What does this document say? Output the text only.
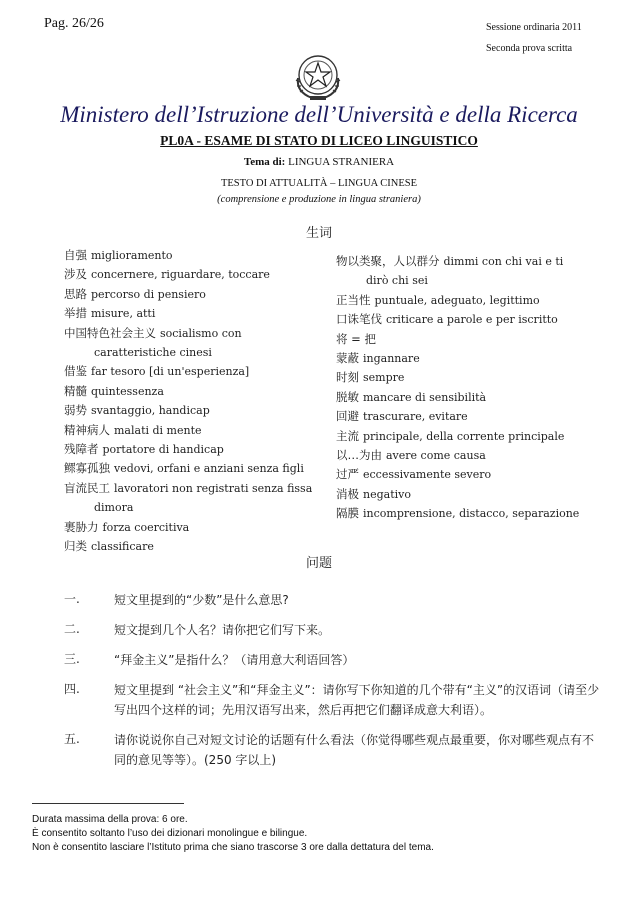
Pag. 26/26	Sessione ordinaria 2011
Seconda prova scritta
Ministero dell’Istruzione dell’Università e della Ricerca
PL0A - ESAME DI STATO DI LICEO LINGUISTICO
Tema di: LINGUA STRANIERA
TESTO DI ATTUALITÀ – LINGUA CINESE
(comprensione e produzione in lingua straniera)
生词
自强 miglioramento
涉及 concernere, riguardare, toccare
思路 percorso di pensiero
举措 misure, atti
中国特色社会主义 socialismo con
caratteristiche cinesi
借鉴 far tesoro [di un'esperienza]
精髓 quintessenza
弱势 svantaggio, handicap
精神病人 malati di mente
残障者 portatore di handicap
鳏寡孤独 vedovi, orfani e anziani senza figli
盲流民工 lavoratori non registrati senza fissa
dimora
裹胁力 forza coercitiva
归类 classificare
物以类聚，人以群分 dimmi con chi vai e ti
dirò chi sei
正当性 puntuale, adeguato, legittimo
口诛笔伐 criticare a parole e per iscritto
将 = 把
蒙蔽 ingannare
时刻 sempre
脱敏 mancare di sensibilità
回避 trascurare, evitare
主流 principale, della corrente principale
以…为由 avere come causa
过严 eccessivamente severo
消极 negativo
隔膜 incomprensione, distacco, separazione
问题
一.	短文里提到的“少数”是什么意思?
二.	短文提到几个人名？请你把它们写下来。
三.	“拜金主义”是指什么？（请用意大利语回答）
四.	短文里提到 “社会主义”和“拜金主义”：请你写下你知道的几个带有“主义”的汉语词（请至少写出四个这样的词；先用汉语写出来，然后再把它们翻译成意大利语）。
五.	请你说说你自己对短文讨论的话题有什么看法（你觉得哪些观点最重要，你对哪些观点有不同的意见等等）。(250 字以上)
Durata massima della prova: 6 ore.
È consentito soltanto l’uso dei dizionari monolingue e bilingue.
Non è consentito lasciare l’Istituto prima che siano trascorse 3 ore dalla dettatura del tema.
